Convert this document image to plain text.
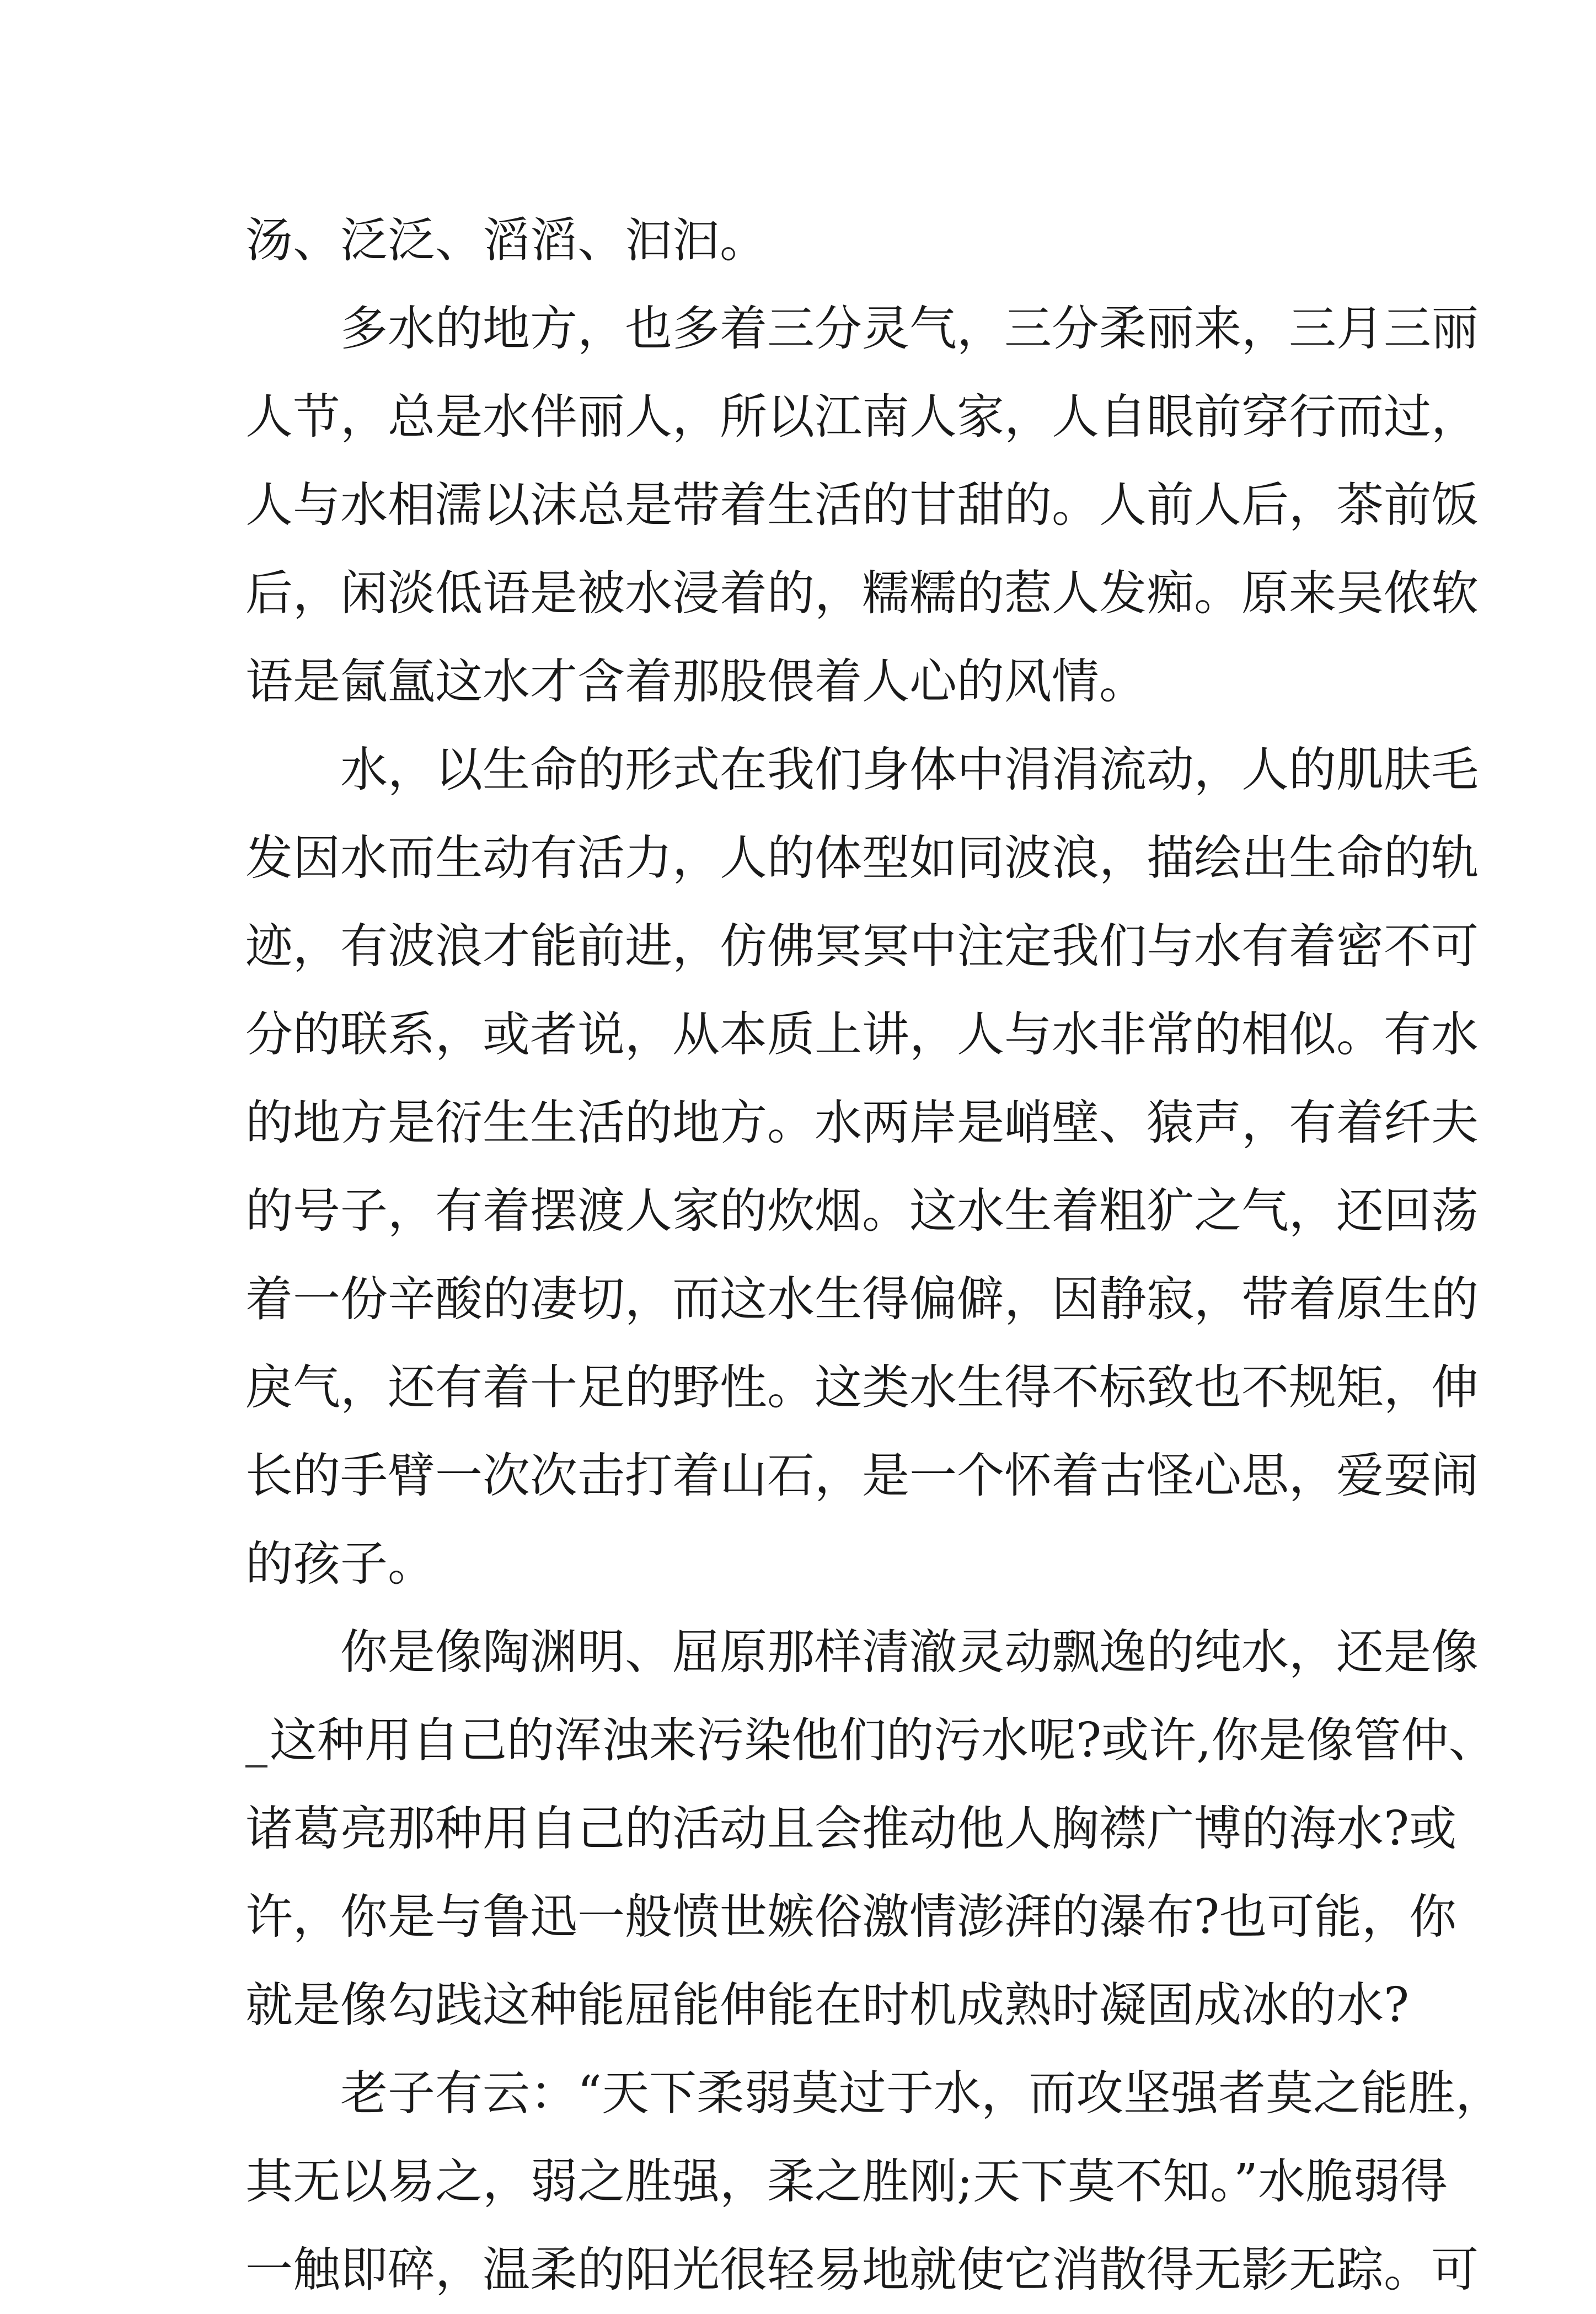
汤、泛泛、滔滔、汩汩。
多水的地方，也多着三分灵气，三分柔丽来，三月三丽
人节，总是水伴丽人，所以江南人家，人自眼前穿行而过，
人与水相濡以沫总是带着生活的甘甜的。人前人后，茶前饭
后，闲淡低语是被水浸着的，糯糯的惹人发痴。原来吴侬软
语是氤氲这水才含着那股偎着人心的风情。
水，以生命的形式在我们身体中涓涓流动，人的肌肤毛
发因水而生动有活力，人的体型如同波浪，描绘出生命的轨
迹，有波浪才能前进，仿佛冥冥中注定我们与水有着密不可
分的联系，或者说，从本质上讲，人与水非常的相似。有水
的地方是衍生生活的地方。水两岸是峭壁、猿声，有着纤夫
的号子，有着摆渡人家的炊烟。这水生着粗犷之气，还回荡
着一份辛酸的凄切，而这水生得偏僻，因静寂，带着原生的
戾气，还有着十足的野性。这类水生得不标致也不规矩，伸
长的手臂一次次击打着山石，是一个怀着古怪心思，爱耍闹
的孩子。
你是像陶渊明、屈原那样清澈灵动飘逸的纯水，还是像
这种用自己的浑浊来污染他们的污水呢?或许,你是像管仲、
诸葛亮那种用自己的活动且会推动他人胸襟广博的海水?或
许，你是与鲁迅一般愤世嫉俗激情澎湃的瀑布?也可能，你
就是像勾践这种能屈能伸能在时机成熟时凝固成冰的水?
老子有云：“天下柔弱莫过于水，而攻坚强者莫之能胜，
其无以易之，弱之胜强，柔之胜刚;天下莫不知。”水脆弱得
一触即碎，温柔的阳光很轻易地就使它消散得无影无踪。可
